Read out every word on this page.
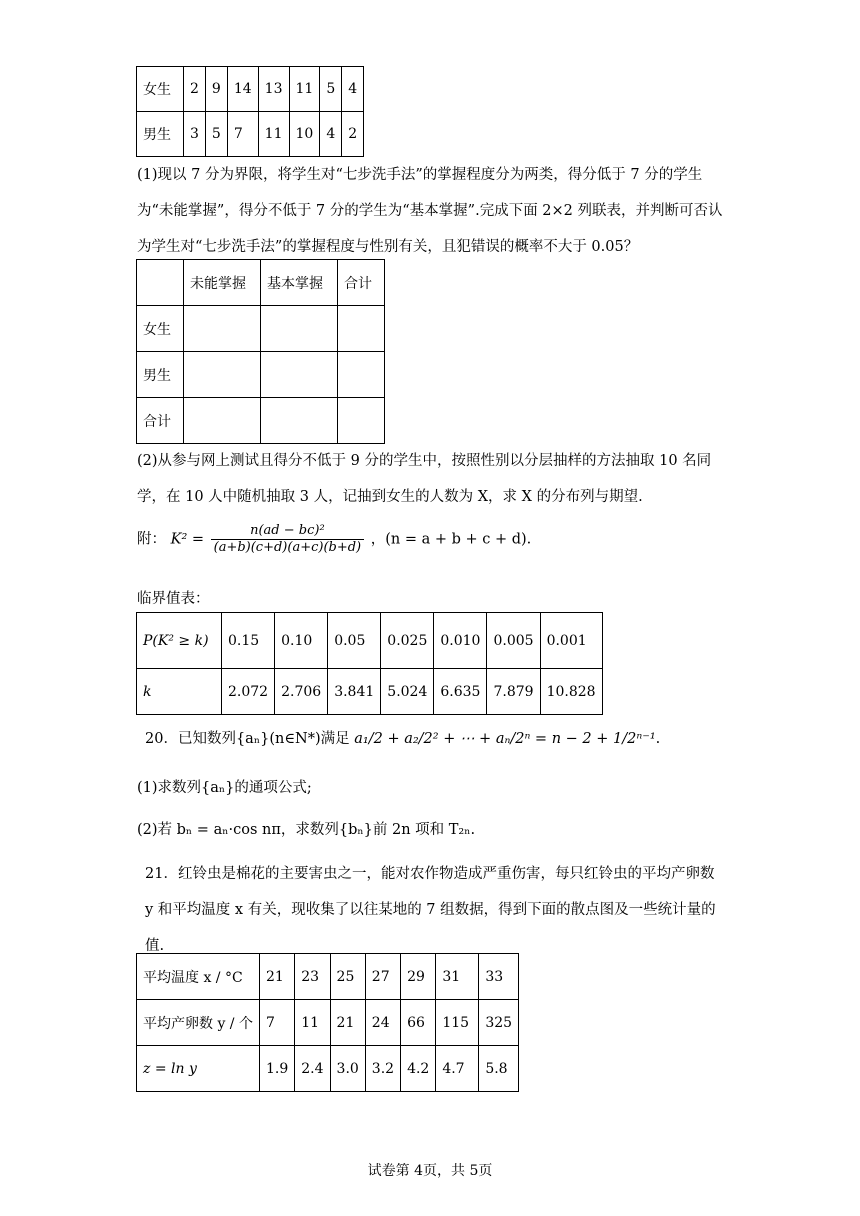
女生	2	9	14	13	11	5	4
男生	3	5	7	11	10	4	2
(1)现以 7 分为界限，将学生对“七步洗手法”的掌握程度分为两类，得分低于 7 分的学生为“未能掌握”，得分不低于 7 分的学生为“基本掌握”.完成下面 2×2 列联表，并判断可否认为学生对“七步洗手法”的掌握程度与性别有关，且犯错误的概率不大于 0.05？
	未能掌握	基本掌握	合计
女生			
男生			
合计			
(2)从参与网上测试且得分不低于 9 分的学生中，按照性别以分层抽样的方法抽取 10 名同学，在 10 人中随机抽取 3 人，记抽到女生的人数为 X，求 X 的分布列与期望.
附： $K^2 = \frac{\text{n(ad − bc)²}}{(a+b)(c+d)(a+c)(b+d)}$ ，(n = a + b + c + d).
临界值表：
P(K² ≥ k)	0.15	0.10	0.05	0.025	0.010	0.005	0.001
k	2.072	2.706	3.841	5.024	6.635	7.879	10.828
20．已知数列{aₙ}(n∈N*)满足 a₁/2 + a₂/2² + ⋯ + aₙ/2ⁿ = n − 2 + 1/2ⁿ⁻¹.
(1)求数列{aₙ}的通项公式;
(2)若 bₙ = aₙ·cos nπ，求数列{bₙ}前 2n 项和 T₂ₙ.
21．红铃虫是棉花的主要害虫之一，能对农作物造成严重伤害，每只红铃虫的平均产卵数 y 和平均温度 x 有关，现收集了以往某地的 7 组数据，得到下面的散点图及一些统计量的值.
平均温度 x / °C	21	23	25	27	29	31	33
平均产卵数 y / 个	7	11	21	24	66	115	325
z = ln y	1.9	2.4	3.0	3.2	4.2	4.7	5.8
试卷第 4页，共 5页
